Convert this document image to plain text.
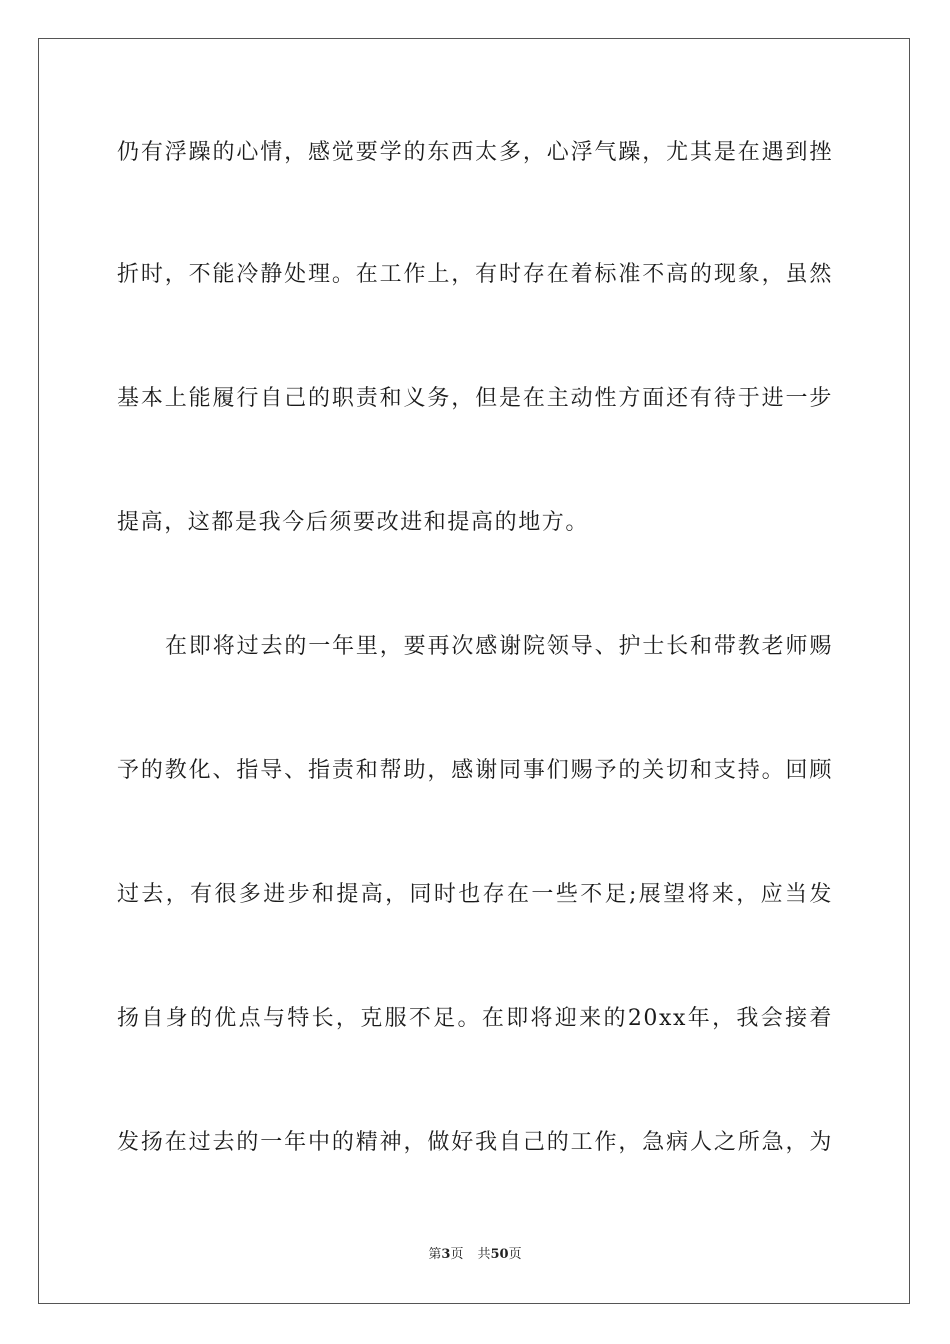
仍有浮躁的心情，感觉要学的东西太多，心浮气躁，尤其是在遇到挫
折时，不能冷静处理。在工作上，有时存在着标准不高的现象，虽然
基本上能履行自己的职责和义务，但是在主动性方面还有待于进一步
提高，这都是我今后须要改进和提高的地方。
在即将过去的一年里，要再次感谢院领导、护士长和带教老师赐
予的教化、指导、指责和帮助，感谢同事们赐予的关切和支持。回顾
过去，有很多进步和提高，同时也存在一些不足;展望将来，应当发
扬自身的优点与特长，克服不足。在即将迎来的20xx年，我会接着
发扬在过去的一年中的精神，做好我自己的工作，急病人之所急，为
第3页 共50页
